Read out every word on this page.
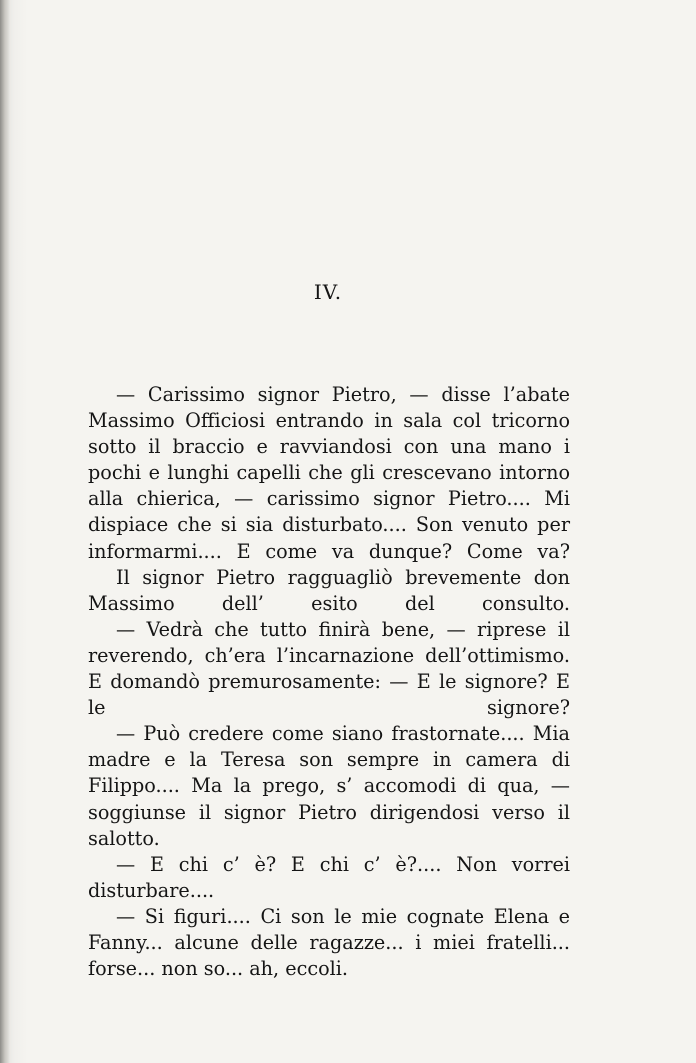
IV.

— Carissimo signor Pietro, — disse l’abate Massimo Officiosi entrando in sala col tricorno sotto il braccio e ravviandosi con una mano i pochi e lunghi capelli che gli crescevano intorno alla chierica, — carissimo signor Pietro.... Mi dispiace che si sia disturbato.... Son venuto per informarmi.... E come va dunque? Come va?

Il signor Pietro ragguagliò brevemente don Massimo dell’ esito del consulto.

— Vedrà che tutto finirà bene, — riprese il reverendo, ch’era l’incarnazione dell’ottimismo. E domandò premurosamente: — E le signore? E le signore?

— Può credere come siano frastornate.... Mia madre e la Teresa son sempre in camera di Filippo.... Ma la prego, s’ accomodi di qua, — soggiunse il signor Pietro dirigendosi verso il salotto.

— E chi c’ è? E chi c’ è?.... Non vorrei disturbare....

— Si figuri.... Ci son le mie cognate Elena e Fanny... alcune delle ragazze... i miei fratelli... forse... non so... ah, eccoli.
